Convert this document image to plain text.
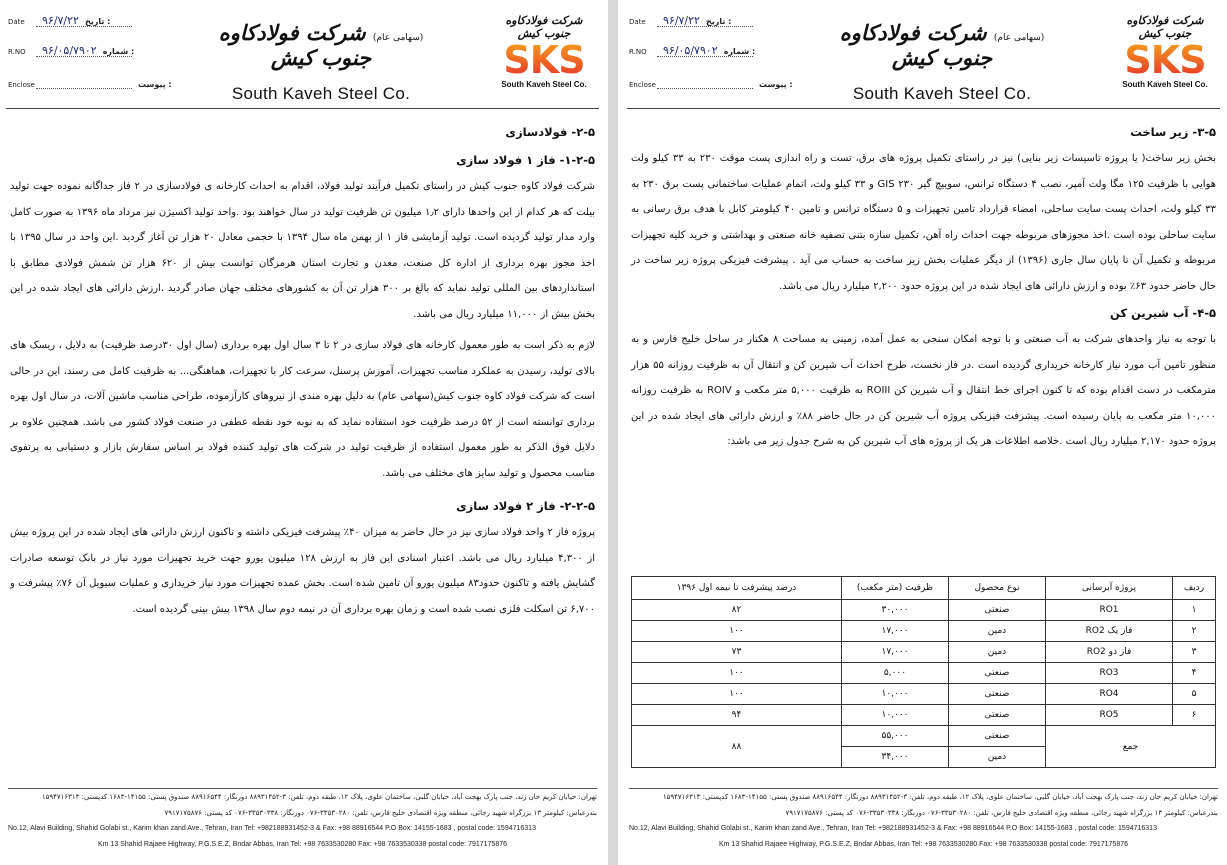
Date ۹۶/۷/۲۲ تاریخ :
R.NO ۹۶/۰۵/۷۹۰۲ شماره :
Enclose	پیوست :
(سهامی عام) شرکت فولادکاوه جنوب کیش
South Kaveh Steel Co.
شرکت فولادکاوه جنوب کیش
SKS
South Kaveh Steel Co.
۲-۵- فولادسازی
۱-۲-۵- فاز ۱ فولاد سازی

شرکت فولاد کاوه جنوب کیش در راستای تکمیل فرآیند تولید فولاد، اقدام به احداث کارخانه ی فولادسازی در ۲ فاز جداگانه نموده جهت تولید بیلت که هر کدام از این واحدها دارای ۱٫۲ میلیون تن ظرفیت تولید در سال خواهند بود .واحد تولید اکسیژن نیز مرداد ماه ۱۳۹۶ به صورت کامل وارد مدار تولید گردیده است. تولید آزمایشی فاز ۱ از بهمن ماه سال ۱۳۹۴ با حجمی معادل ۲۰ هزار تن آغاز گردید .این واحد در سال ۱۳۹۵ با اخذ مجوز بهره برداری از اداره کل صنعت، معدن و تجارت استان هرمزگان توانست بیش از ۶۲۰ هزار تن شمش فولادی مطابق با استانداردهای بین المللی تولید نماید که بالغ بر ۳۰۰ هزار تن آن به کشورهای مختلف جهان صادر گردید .ارزش دارائی های ایجاد شده در این بخش بیش از ۱۱,۰۰۰ میلیارد ریال می باشد.

لازم به ذکر است به طور معمول کارخانه های فولاد سازی در ۲ تا ۳ سال اول بهره برداری (سال اول ۳۰درصد ظرفیت) به دلایل ، ریسک های بالای تولید، رسیدن به عملکرد مناسب تجهیزات، آموزش پرسنل، سرعت کار با تجهیزات، هماهنگی... به ظرفیت کامل می رسند، این در حالی است که شرکت فولاد کاوه جنوب کیش(سهامی عام) به دلیل بهره مندی از نیروهای کارآزموده، طراحی مناسب ماشین آلات، در سال اول بهره برداری توانسته است از ۵۲ درصد ظرفیت خود استفاده نماید که به نوبه خود نقطه عطفی در صنعت فولاد کشور می باشد. همچنین علاوه بر دلایل فوق الذکر به طور معمول استفاده از ظرفیت تولید در شرکت های تولید کننده فولاد بر اساس سفارش بازار و دستیابی به پرتفوی مناسب محصول و تولید سایز های مختلف می باشد.

۲-۲-۵- فاز ۲ فولاد سازی

پروژه فاز ۲ واحد فولاد سازی نیز در حال حاضر به میزان ۴۰٪ پیشرفت فیزیکی داشته و تاکنون ارزش دارائی های ایجاد شده در این پروژه بیش از ۴,۳۰۰ میلیارد ریال می باشد. اعتبار اسنادی این فاز به ارزش ۱۲۸ میلیون یورو جهت خرید تجهیزات مورد نیاز در بانک توسعه صادرات گشایش یافته و تاکنون حدود۸۳ میلیون یورو آن تامین شده است. بخش عمده تجهیزات مورد نیاز خریداری و عملیات سیویل آن ۷۶٪ پیشرفت و ۶,۷۰۰ تن اسکلت فلزی نصب شده است و زمان بهره برداری آن در نیمه دوم سال ۱۳۹۸ پیش بینی گردیده است.

تهران: خیابان کریم خان زند، جنب پارک بهجت آباد، خیابان گلبی، ساختمان علوی، پلاک ۱۲، طبقه دوم، تلفن: ۳-۸۸۹۳۱۴۵۲ دورنگار: ۸۸۹۱۶۵۴۴ صندوق پستی: ۱۴۱۵۵-۱۶۸۳ کدپستی: ۱۵۹۴۷۱۶۳۱۳
بندرعباس: کیلومتر ۱۳ بزرگراه شهید رجائی، منطقه ویژه اقتصادی خلیج فارس، تلفن: ۳۳۵۳۰۲۸۰-۰۷۶ دورنگار: ۳۳۵۳۰۳۳۸-۰۷۶ کد پستی: ۷۹۱۷۱۷۵۸۷۶
No.12, Alavi Building, Shahid Golabi st., Karim khan zand Ave., Tehran, Iran Tel: +982188931452-3 & Fax: +98 88916544 P.O Box: 14155-1683 , postal code: 1594716313
Km 13 Shahid Rajaee Highway, P.G.S.E.Z, Bndar Abbas, Iran Tel: +98 7633530280 Fax: +98 7633530338 postal code: 7917175876
Date ۹۶/۷/۲۲ تاریخ :
R.NO ۹۶/۰۵/۷۹۰۲ شماره :
Enclose	پیوست :
(سهامی عام) شرکت فولادکاوه جنوب کیش
South Kaveh Steel Co.
شرکت فولادکاوه جنوب کیش
SKS
South Kaveh Steel Co.
۳-۵- زیر ساخت

بخش زیر ساخت( یا پروژه تاسیسات زیر بنایی) نیز در راستای تکمیل پروژه های برق، تست و راه اندازی پست موقت ۲۳۰ به ۳۳ کیلو ولت هوایی با ظرفیت ۱۲۵ مگا ولت آمپر، نصب ۴ دستگاه ترانس، سوییچ گیر GIS ۲۳۰ و ۳۳ کیلو ولت، اتمام عملیات ساختمانی پست برق ۲۳۰ به ۳۳ کیلو ولت، احداث پست سایت ساحلی، امضاء قرارداد تامین تجهیزات و ۵ دستگاه ترانس و تامین ۴۰ کیلومتر کابل با هدف برق رسانی به سایت ساحلی بوده است .اخذ مجوزهای مربوطه جهت احداث راه آهن، تکمیل سازه بتنی تصفیه خانه صنعتی و بهداشتی و خرید کلیه تجهیزات مربوطه و تکمیل آن تا پایان سال جاری (۱۳۹۶) از دیگر عملیات بخش زیر ساخت به حساب می آید . پیشرفت فیزیکی پروژه زیر ساخت در حال حاضر حدود ۶۳٪ بوده و ارزش دارائی های ایجاد شده در این پروژه حدود ۲,۲۰۰ میلیارد ریال می باشد.

۴-۵- آب شیرین کن

با توجه به نیاز واحدهای شرکت به آب صنعتی و با توجه امکان سنجی به عمل آمده، زمینی به مساحت ۸ هکتار در ساحل خلیج فارس و به منظور تامین آب مورد نیاز کارخانه خریداری گردیده است .در فاز نخست، طرح احداث آب شیرین کن و انتقال آن به ظرفیت روزانه ۵۵ هزار مترمکعب در دست اقدام بوده که تا کنون اجرای خط انتقال و آب شیرین کن ROIII به ظرفیت ۵,۰۰۰ متر مکعب و ROIV به ظرفیت روزانه ۱۰,۰۰۰ متر مکعب به پایان رسیده است. پیشرفت فیزیکی پروژه آب شیرین کن در حال حاضر ۸۸٪ و ارزش دارائی های ایجاد شده در این پروژه حدود ۲,۱۷۰ میلیارد ریال است .خلاصه اطلاعات هر یک از پروژه های آب شیرین کن به شرح جدول زیر می باشد:

ردیف	پروژه آبرسانی	نوع محصول	ظرفیت (متر مکعب)	درصد پیشرفت تا نیمه اول ۱۳۹۶
۱	RO1	صنعتی	۳۰,۰۰۰	۸۲
۲	فاز یک RO2	دمین	۱۷,۰۰۰	۱۰۰
۳	فاز دو RO2	دمین	۱۷,۰۰۰	۷۳
۴	RO3	صنعتی	۵,۰۰۰	۱۰۰
۵	RO4	صنعتی	۱۰,۰۰۰	۱۰۰
۶	RO5	صنعتی	۱۰,۰۰۰	۹۴
جمع		صنعتی	۵۵,۰۰۰	۸۸
		دمین	۳۴,۰۰۰	
تهران: خیابان کریم خان زند، جنب پارک بهجت آباد، خیابان گلبی، ساختمان علوی، پلاک ۱۲، طبقه دوم، تلفن: ۳-۸۸۹۳۱۴۵۲ دورنگار: ۸۸۹۱۶۵۴۴ صندوق پستی: ۱۴۱۵۵-۱۶۸۳ کدپستی: ۱۵۹۴۷۱۶۳۱۳
بندرعباس: کیلومتر ۱۳ بزرگراه شهید رجائی، منطقه ویژه اقتصادی خلیج فارس، تلفن: ۳۳۵۳۰۲۸۰-۰۷۶ دورنگار: ۳۳۵۳۰۳۳۸-۰۷۶ کد پستی: ۷۹۱۷۱۷۵۸۷۶
No.12, Alavi Building, Shahid Golabi st., Karim khan zand Ave., Tehran, Iran Tel: +982188931452-3 & Fax: +98 88916544 P.O Box: 14155-1683 , postal code: 1594716313
Km 13 Shahid Rajaee Highway, P.G.S.E.Z, Bndar Abbas, Iran Tel: +98 7633530280 Fax: +98 7633530338 postal code: 7917175876
